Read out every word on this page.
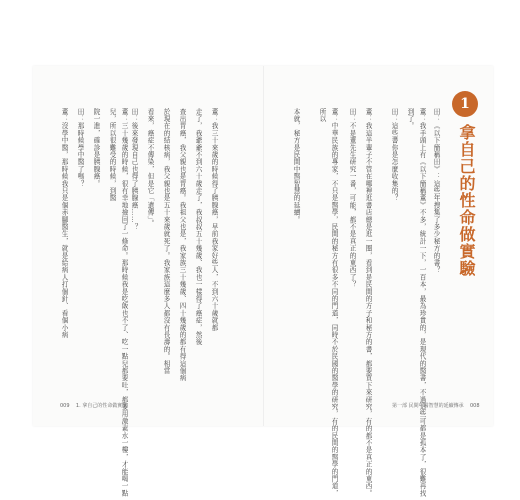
董：沒學中醫，那時候我只是個赤腳醫生，就是給病人打個針、看個小病	田：那時候學中醫了嗎？	院一進，確診是胰腺癌。	董：三十幾歲的時候，很有幸地撿回了一條命。那時候我是吃飯也不了、吃一點兒都要吐，都要用激素水一樓，才能喝一點兒，所以很難受的時候，到醫	田：後來發現自己也得了胰腺癌……？	看來，癌症不傳染，但是它「遺傳」。	於現在的結核病，我父親也是五十來歲就死了。我家族這麼多人都沒有長壽的。相當	查出胃癌，我父親也是胃癌。我祖父也是，我家族三十幾歲、四十幾歲的都有得這個病	走了，我爺爺不到六十歲走了，我叔叔五十幾歲、我也一樣得了癌症，然後	董：我三十來歲的時候得了胰腺癌，早前我家好些人，不到六十歲就都

009 1. 拿自己的性命做實驗
1

拿自己的性命做實驗

田：《以下簡稱田》：這些年搜集了多少秘方的書？

董：我手頭上有《以下簡稱董》不多，統計一下，一百本，最為珍貴的，是現代的醫書，不過這些可都是孤本了，很難再找到了。

田：這些書你是怎麼收集的？

董：我這半輩子不管在哪裡逛書店總是逛一圈，看到是民間的方子和秘方的書，都要買下來研究，有的都不是真正的東西。

田：不是董先生研究一番，可能，都不是真正的東西了？

董：中華民族的專家，不只是醫學，民間的秘方有很多不同的門道，同時不於民國的醫學的研究，有的民間的醫學的門道，所以

本就，秘方是民間中醫智慧的延續。

第一部 民間中醫智慧的延續傳承 008
